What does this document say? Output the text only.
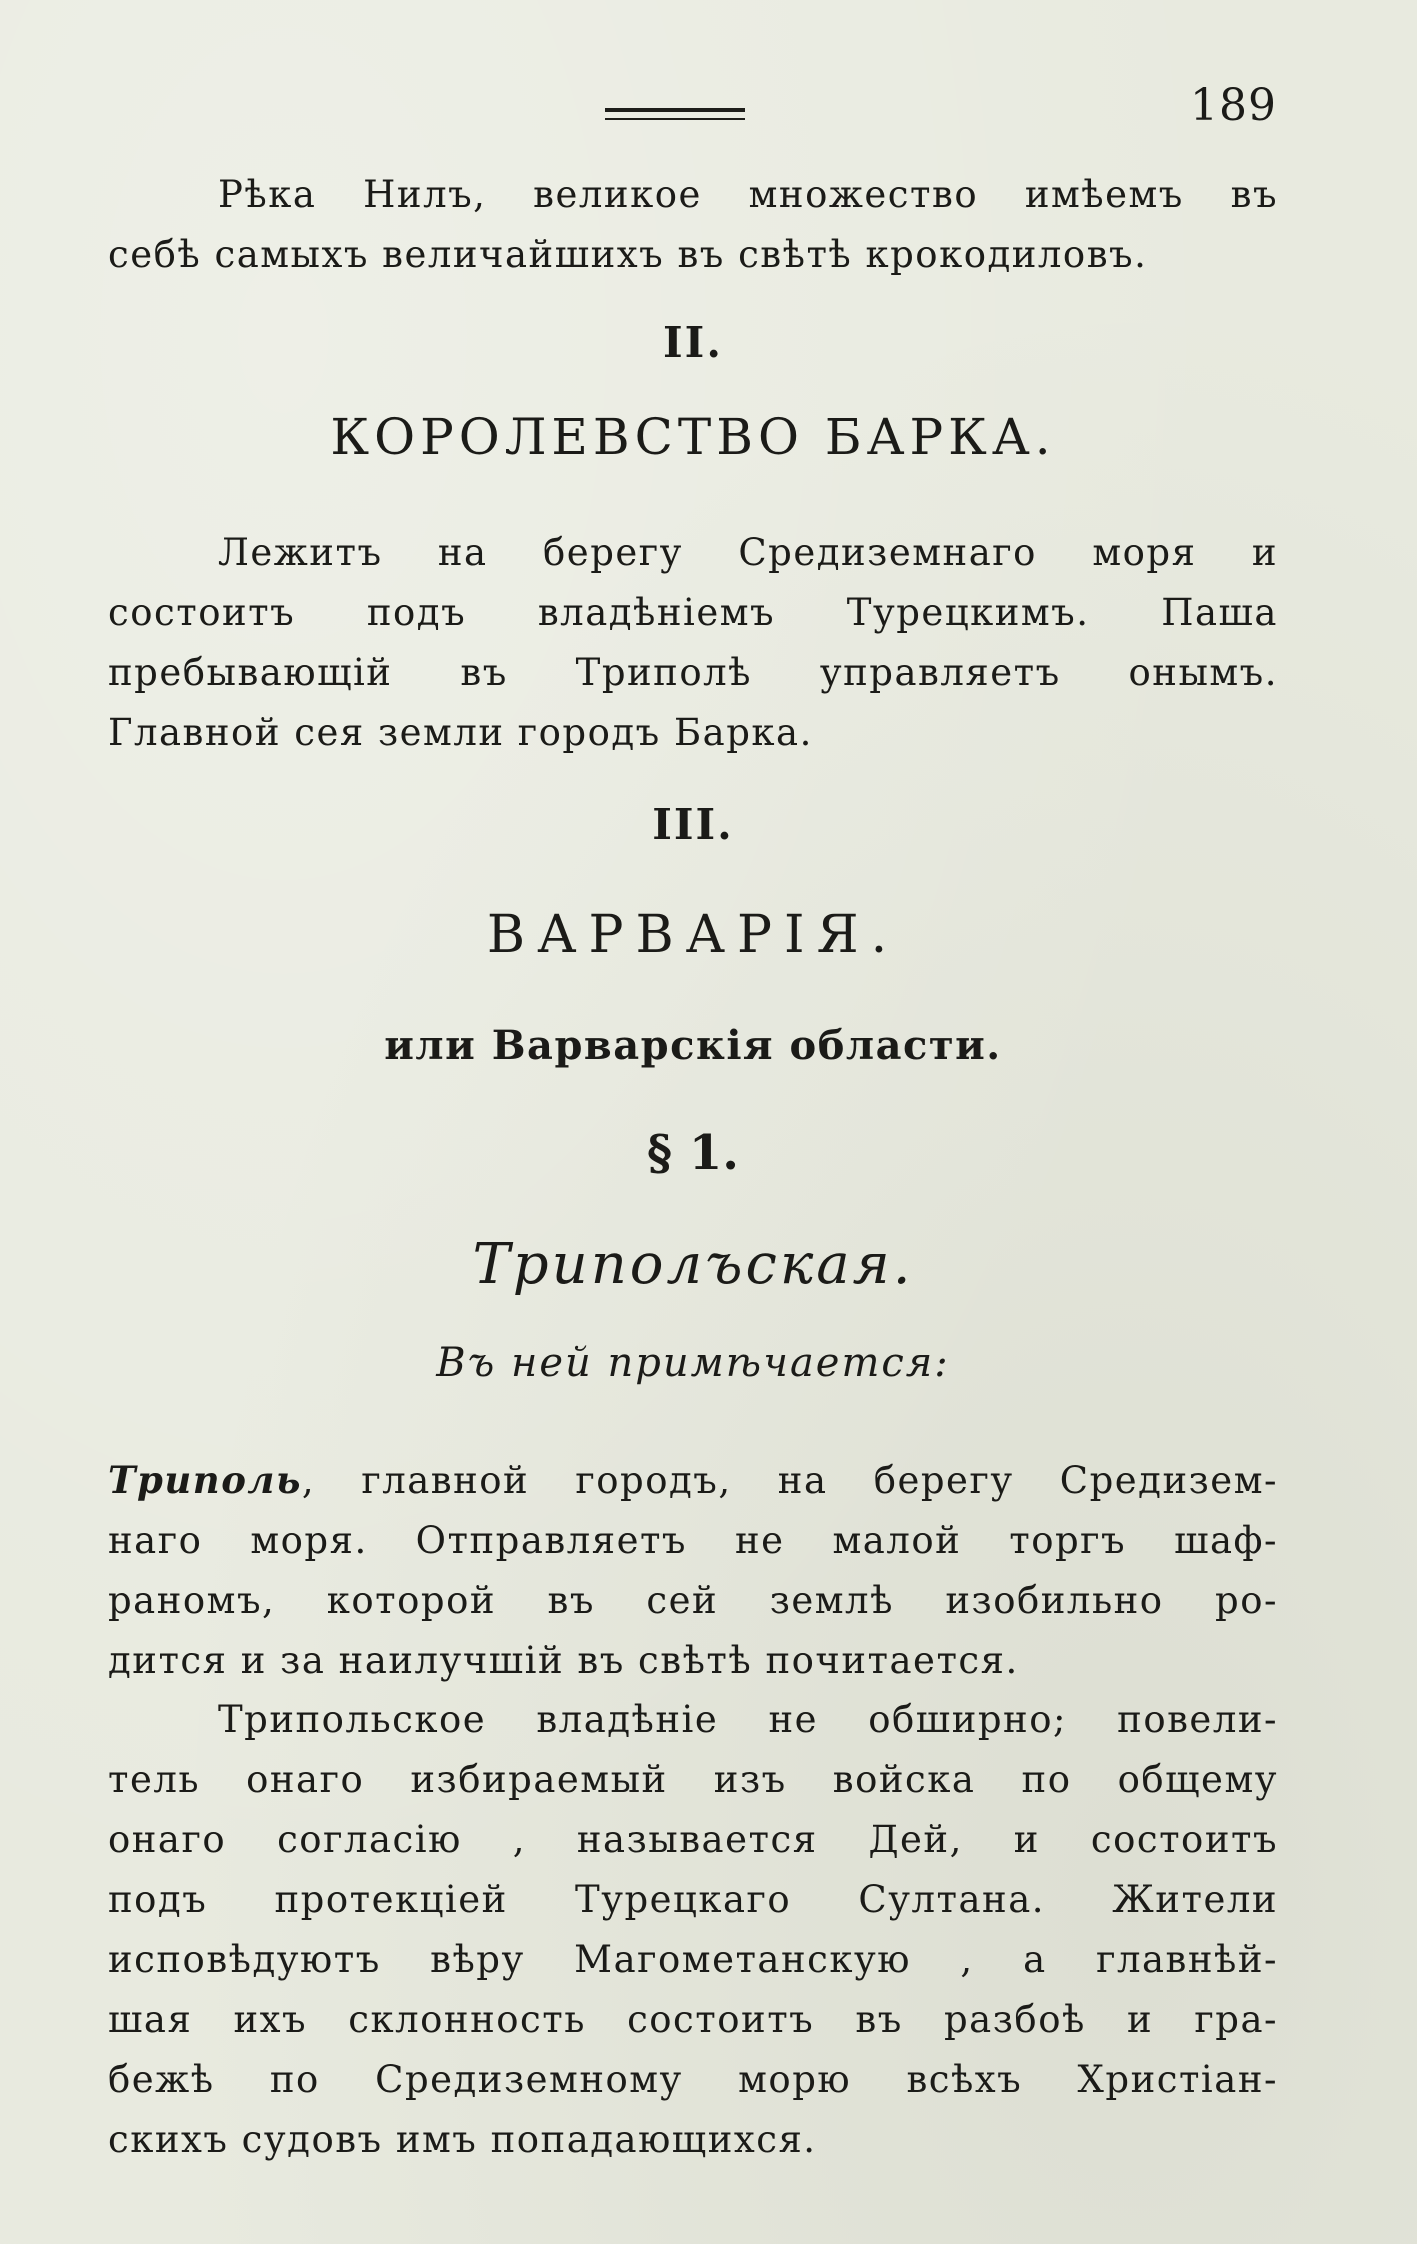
189
Рѣка Нилъ, великое множество имѣемъ въ
себѣ самыхъ величайшихъ въ свѣтѣ крокодиловъ.
II.
КОРОЛЕВСТВО БАРКА.
Лежитъ на берегу Средиземнаго моря и
состоитъ подъ владѣніемъ Турецкимъ. Паша
пребывающій въ Триполѣ управляетъ онымъ.
Главной сея земли городъ Барка.
III.
ВАРВАРІЯ.
или Варварскія области.
§ 1.
Триполъская.
Въ ней примѣчается:
Триполь, главной городъ, на берегу Средизем-
наго моря. Отправляетъ не малой торгъ шаф-
раномъ, которой въ сей землѣ изобильно ро-
дится и за наилучшій въ свѣтѣ почитается.
Трипольское владѣніе не обширно; повели-
тель онаго избираемый изъ войска по общему
онаго согласію , называется Дей, и состоитъ
подъ протекціей Турецкаго Султана. Жители
исповѣдуютъ вѣру Магометанскую , а главнѣй-
шая ихъ склонность состоитъ въ разбоѣ и гра-
бежѣ по Средиземному морю всѣхъ Христіан-
скихъ судовъ имъ попадающихся.
